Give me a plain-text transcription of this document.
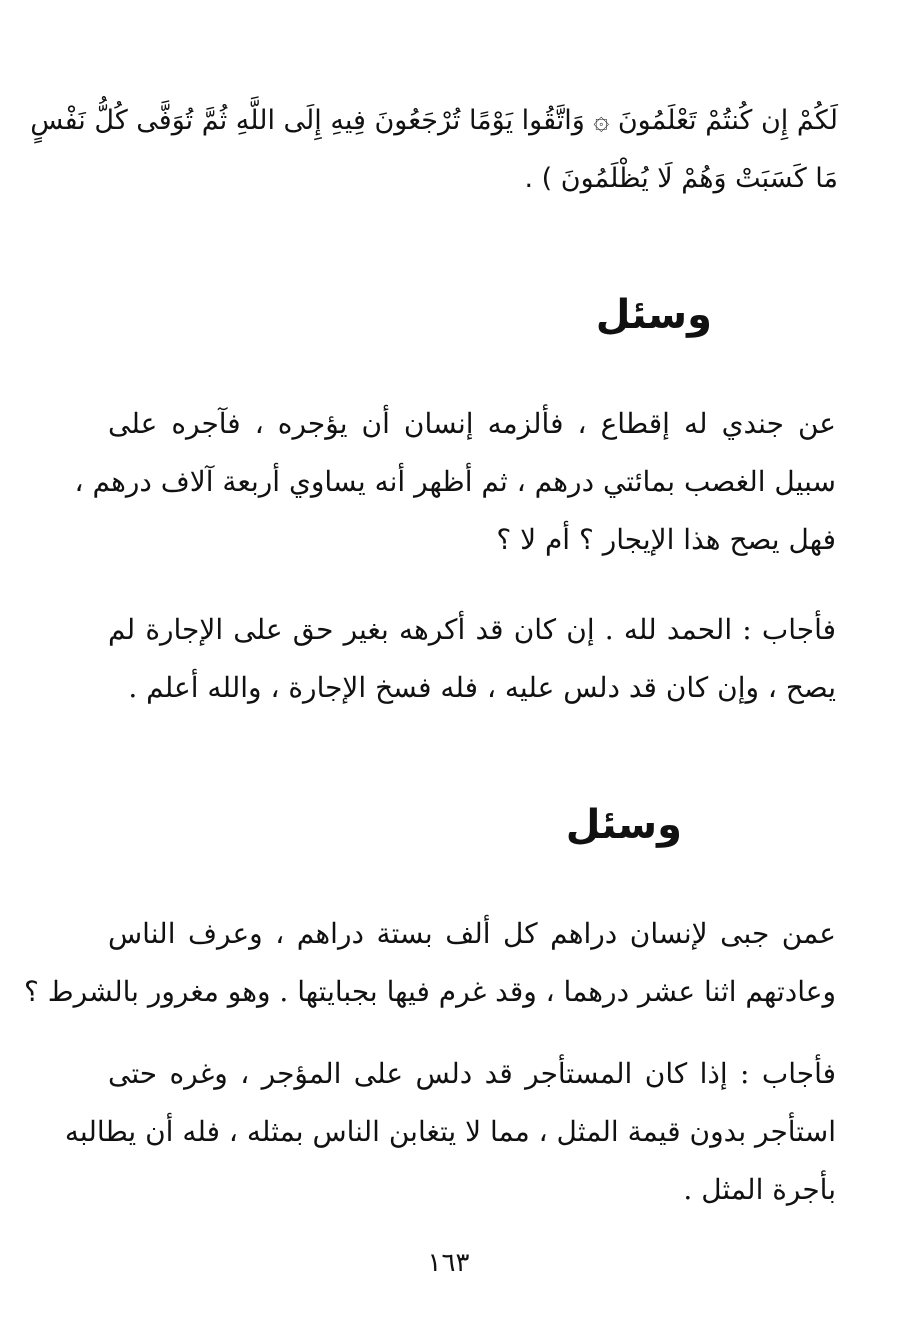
لَكُمْ إِن كُنتُمْ تَعْلَمُونَ ۞ وَاتَّقُوا يَوْمًا تُرْجَعُونَ فِيهِ إِلَى اللَّهِ ثُمَّ تُوَفَّى كُلُّ نَفْسٍ
مَا كَسَبَتْ وَهُمْ لَا يُظْلَمُونَ ) .
وسئل
عن جندي له إقطاع ، فألزمه إنسان أن يؤجره ، فآجره على
سبيل الغصب بمائتي درهم ، ثم أظهر أنه يساوي أربعة آلاف درهم ،
فهل يصح هذا الإيجار ؟ أم لا ؟
فأجاب : الحمد لله . إن كان قد أكرهه بغير حق على الإجارة لم
يصح ، وإن كان قد دلس عليه ، فله فسخ الإجارة ، والله أعلم .
وسئل
عمن جبى لإنسان دراهم كل ألف بستة دراهم ، وعرف الناس
وعادتهم اثنا عشر درهما ، وقد غرم فيها بجبايتها . وهو مغرور بالشرط ؟
فأجاب : إذا كان المستأجر قد دلس على المؤجر ، وغره حتى
استأجر بدون قيمة المثل ، مما لا يتغابن الناس بمثله ، فله أن يطالبه
بأجرة المثل .
١٦٣
